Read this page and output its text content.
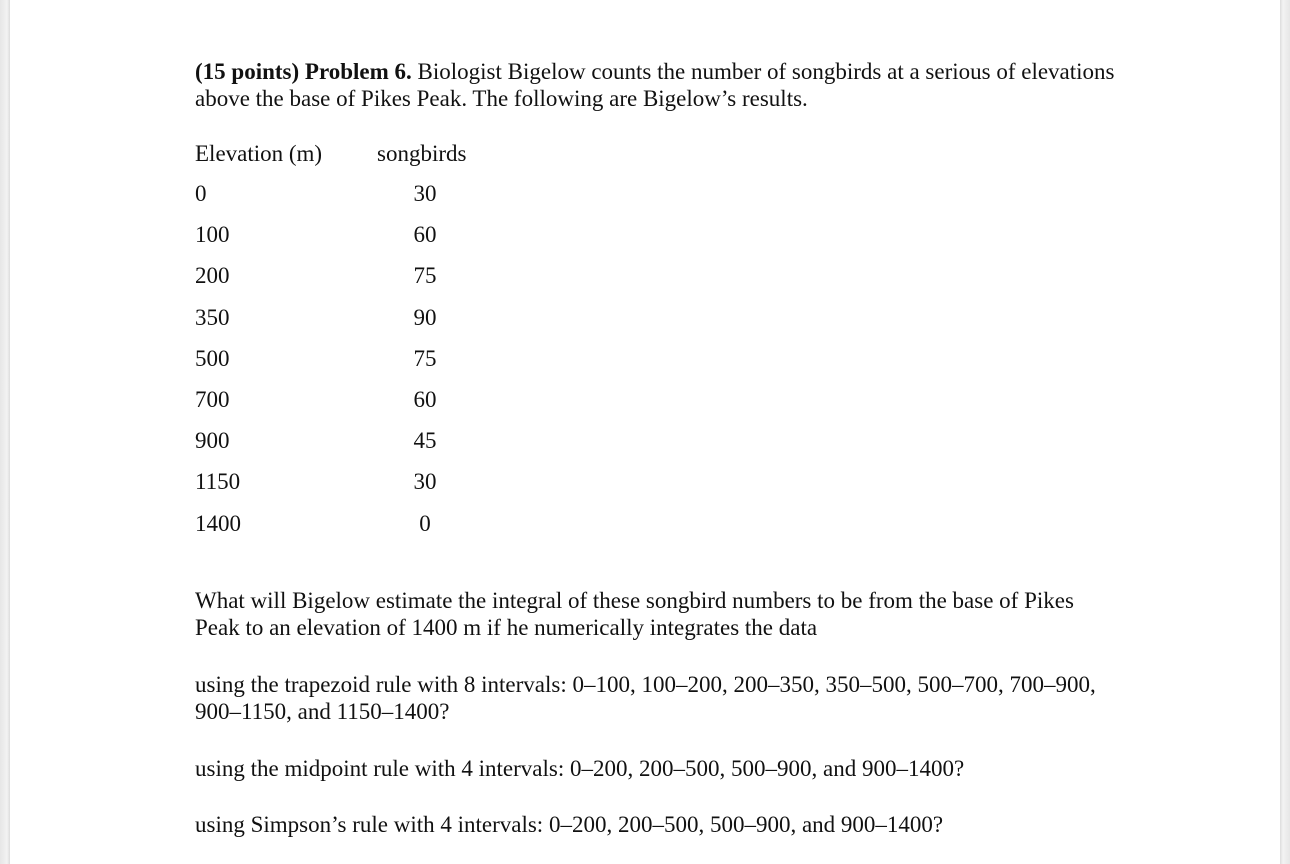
(15 points) Problem 6. Biologist Bigelow counts the number of songbirds at a serious of elevations above the base of Pikes Peak. The following are Bigelow’s results.

Elevation (m)	songbirds
0	30
100	60
200	75
350	90
500	75
700	60
900	45
1150	30
1400	0

What will Bigelow estimate the integral of these songbird numbers to be from the base of Pikes Peak to an elevation of 1400 m if he numerically integrates the data

using the trapezoid rule with 8 intervals: 0–100, 100–200, 200–350, 350–500, 500–700, 700–900, 900–1150, and 1150–1400?

using the midpoint rule with 4 intervals: 0–200, 200–500, 500–900, and 900–1400?

using Simpson’s rule with 4 intervals: 0–200, 200–500, 500–900, and 900–1400?
